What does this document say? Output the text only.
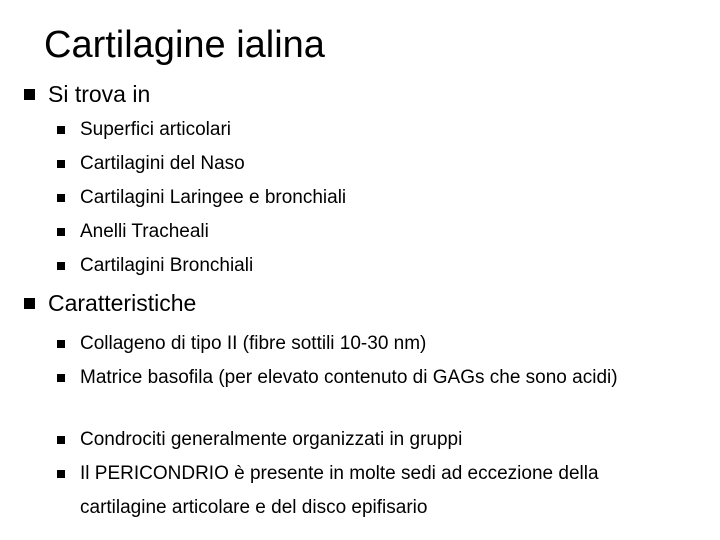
Cartilagine ialina
Si trova in
Superfici articolari
Cartilagini del Naso
Cartilagini Laringee e bronchiali
Anelli Tracheali
Cartilagini Bronchiali
Caratteristiche
Collageno di tipo II (fibre sottili 10-30 nm)
Matrice basofila (per elevato contenuto di GAGs che sono acidi)
Condrociti generalmente organizzati in gruppi
Il PERICONDRIO è presente in molte sedi ad eccezione della cartilagine articolare e del disco epifisario
